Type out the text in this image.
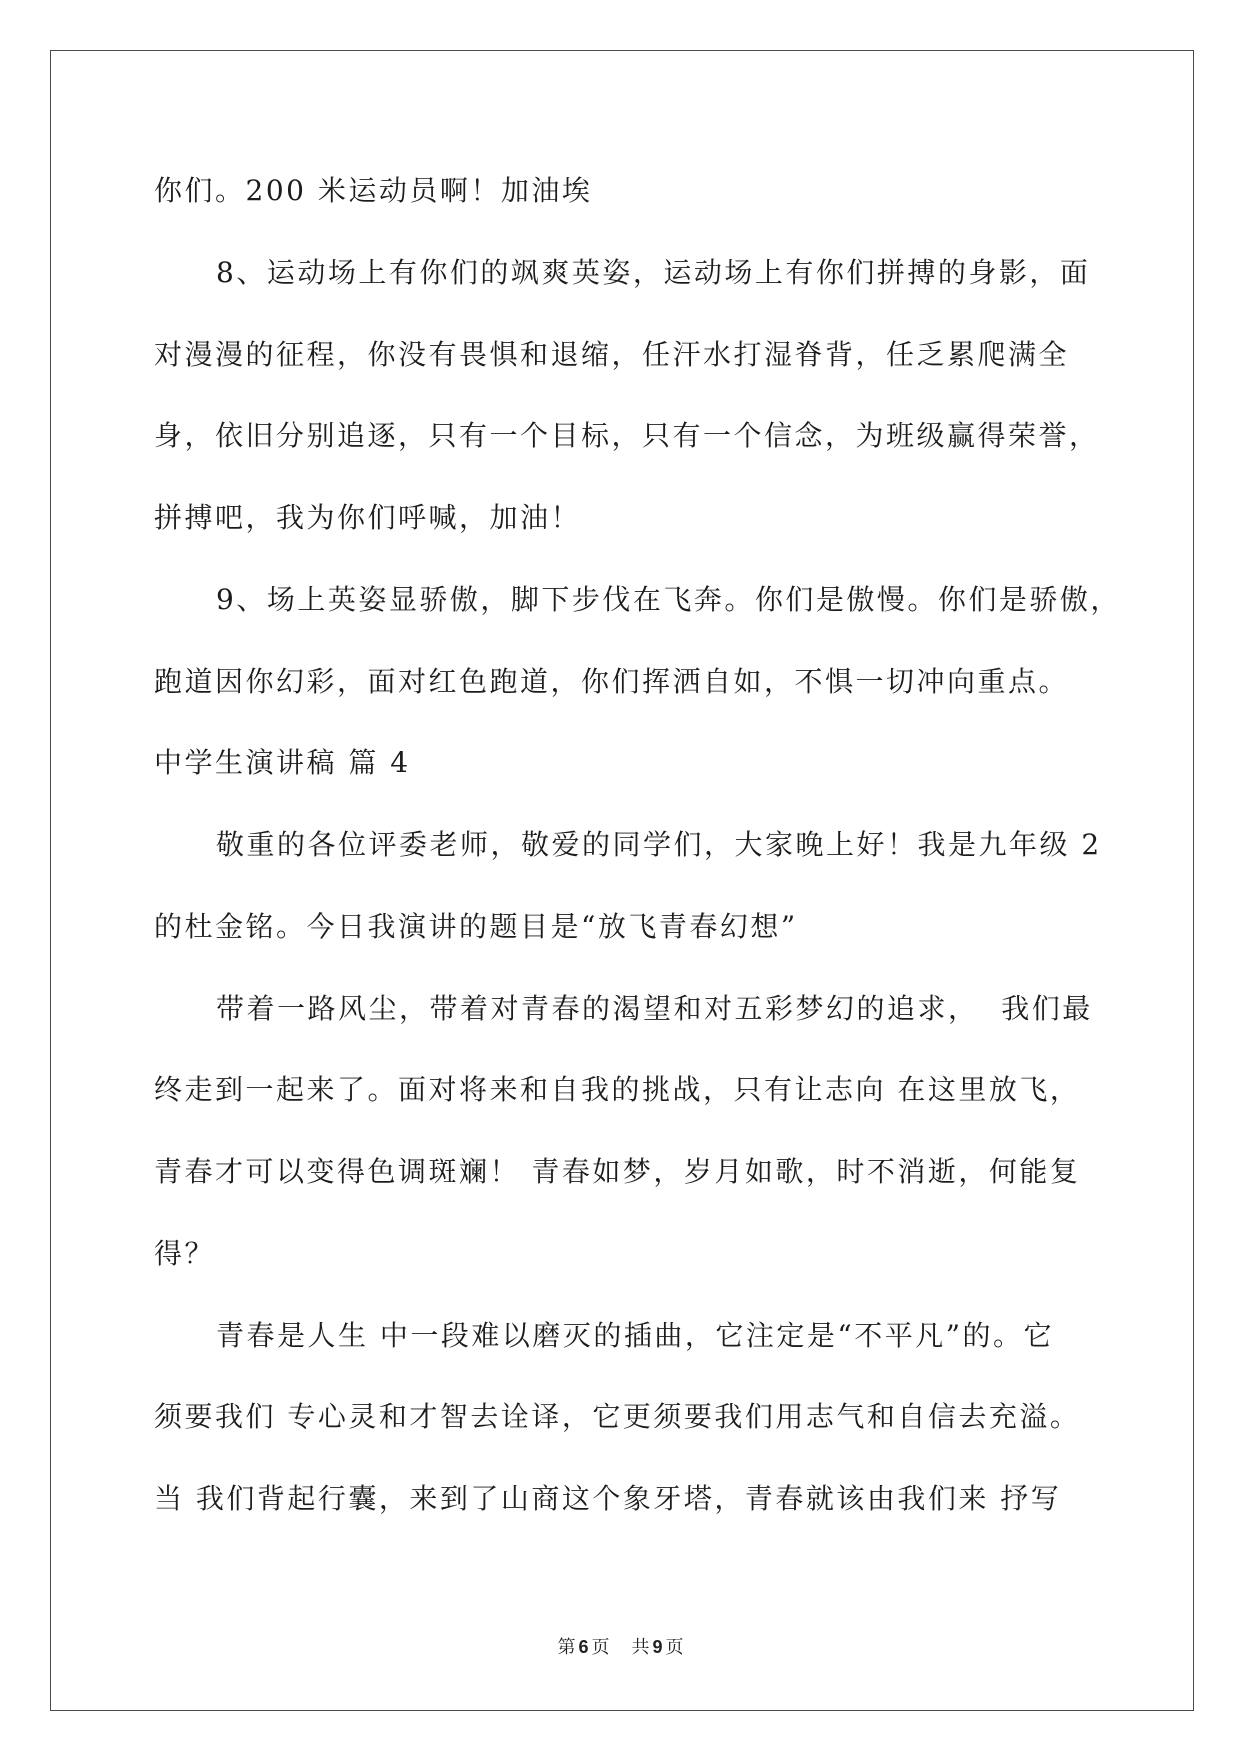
你们。200 米运动员啊！加油埃
8、运动场上有你们的飒爽英姿，运动场上有你们拼搏的身影，面
对漫漫的征程，你没有畏惧和退缩，任汗水打湿脊背，任乏累爬满全
身，依旧分别追逐，只有一个目标，只有一个信念，为班级赢得荣誉，
拼搏吧，我为你们呼喊，加油！
9、场上英姿显骄傲，脚下步伐在飞奔。你们是傲慢。你们是骄傲，
跑道因你幻彩，面对红色跑道，你们挥洒自如，不惧一切冲向重点。
中学生演讲稿 篇 4
敬重的各位评委老师，敬爱的同学们，大家晚上好！我是九年级 2
的杜金铭。今日我演讲的题目是“放飞青春幻想”
带着一路风尘，带着对青春的渴望和对五彩梦幻的追求，  我们最
终走到一起来了。面对将来和自我的挑战，只有让志向 在这里放飞，
青春才可以变得色调斑斓！ 青春如梦，岁月如歌，时不消逝，何能复
得？
青春是人生 中一段难以磨灭的插曲，它注定是“不平凡”的。它
须要我们 专心灵和才智去诠译，它更须要我们用志气和自信去充溢。
当 我们背起行囊，来到了山商这个象牙塔，青春就该由我们来 抒写
第 6 页 共 9 页
